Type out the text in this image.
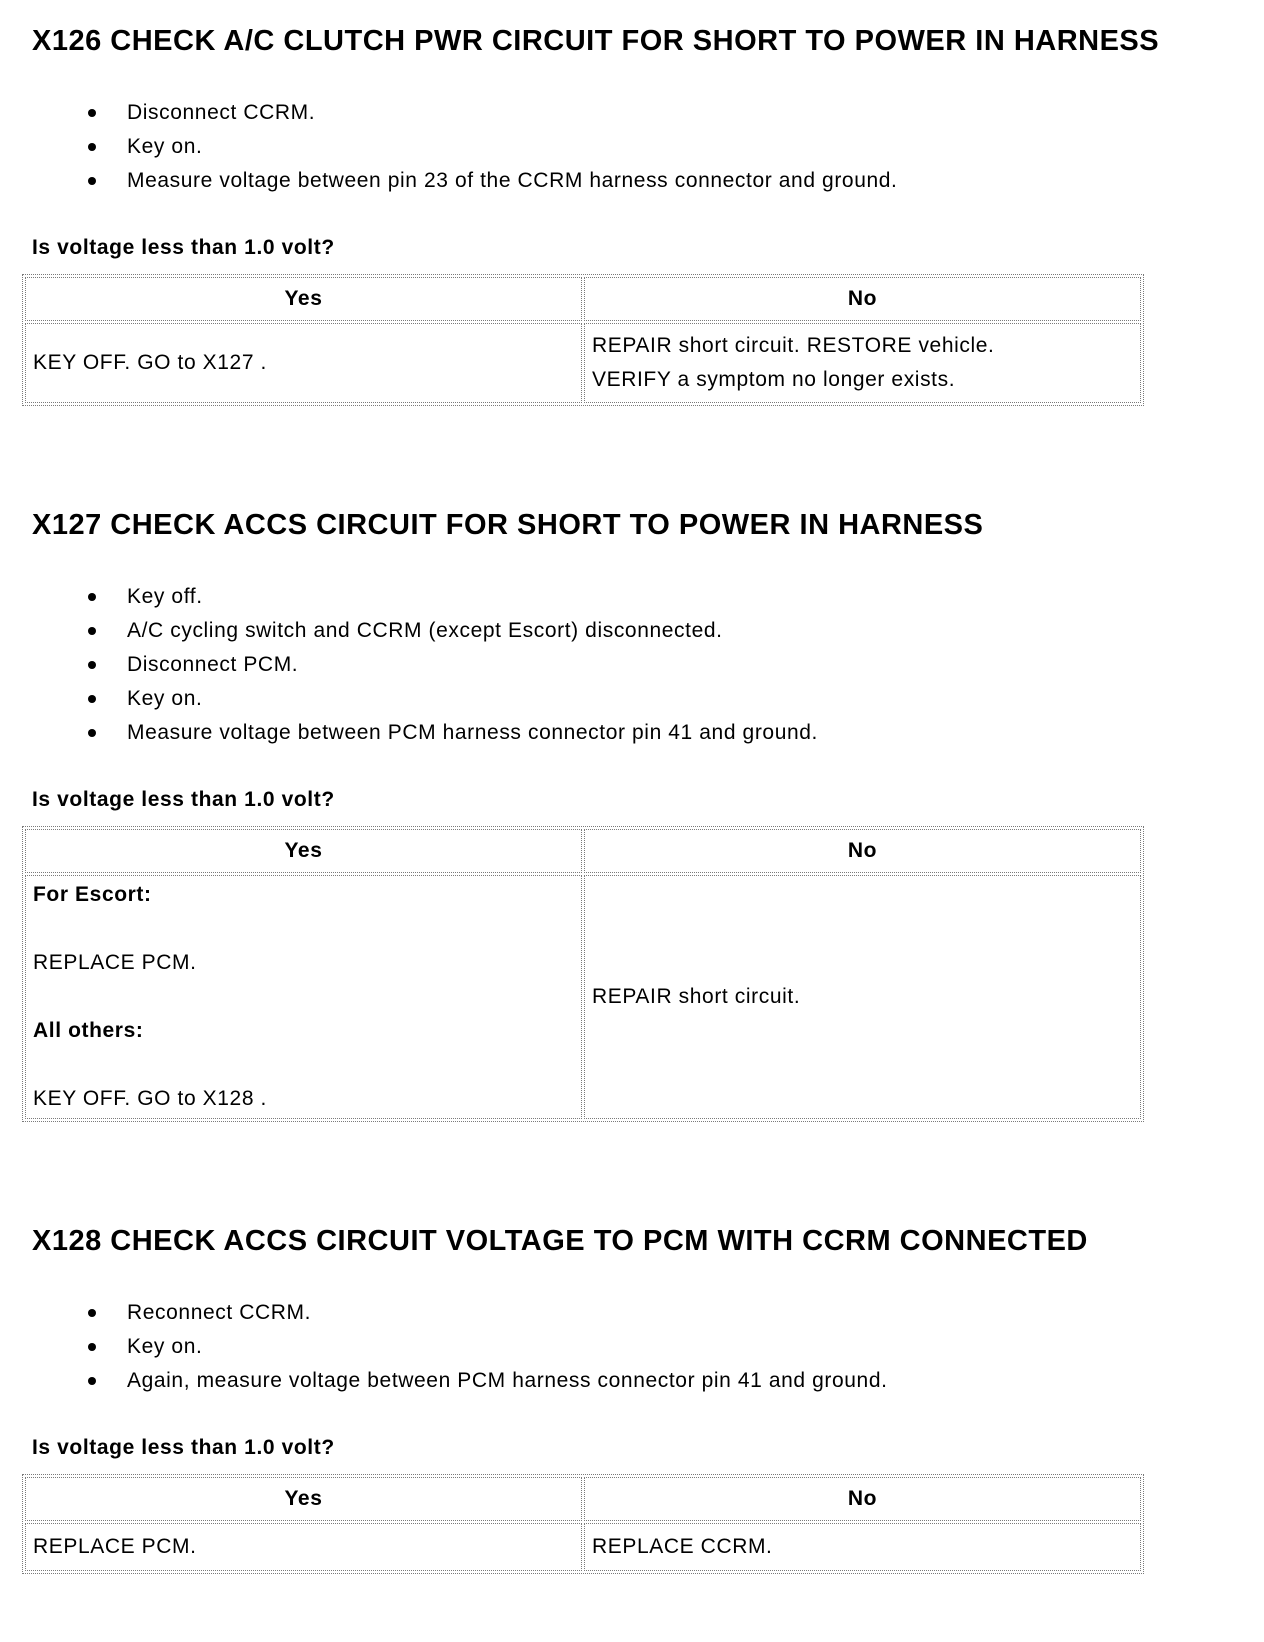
X126 CHECK A/C CLUTCH PWR CIRCUIT FOR SHORT TO POWER IN HARNESS
Disconnect CCRM.
Key on.
Measure voltage between pin 23 of the CCRM harness connector and ground.

Is voltage less than 1.0 volt?

Yes	No

KEY OFF. GO to X127 .	REPAIR short circuit. RESTORE vehicle.
VERIFY a symptom no longer exists.
X127 CHECK ACCS CIRCUIT FOR SHORT TO POWER IN HARNESS
Key off.
A/C cycling switch and CCRM (except Escort) disconnected.
Disconnect PCM.
Key on.
Measure voltage between PCM harness connector pin 41 and ground.

Is voltage less than 1.0 volt?

Yes	No

For Escort:

REPLACE PCM.

All others:

KEY OFF. GO to X128 .	REPAIR short circuit.
X128 CHECK ACCS CIRCUIT VOLTAGE TO PCM WITH CCRM CONNECTED
Reconnect CCRM.
Key on.
Again, measure voltage between PCM harness connector pin 41 and ground.

Is voltage less than 1.0 volt?

Yes	No

REPLACE PCM.	REPLACE CCRM.
